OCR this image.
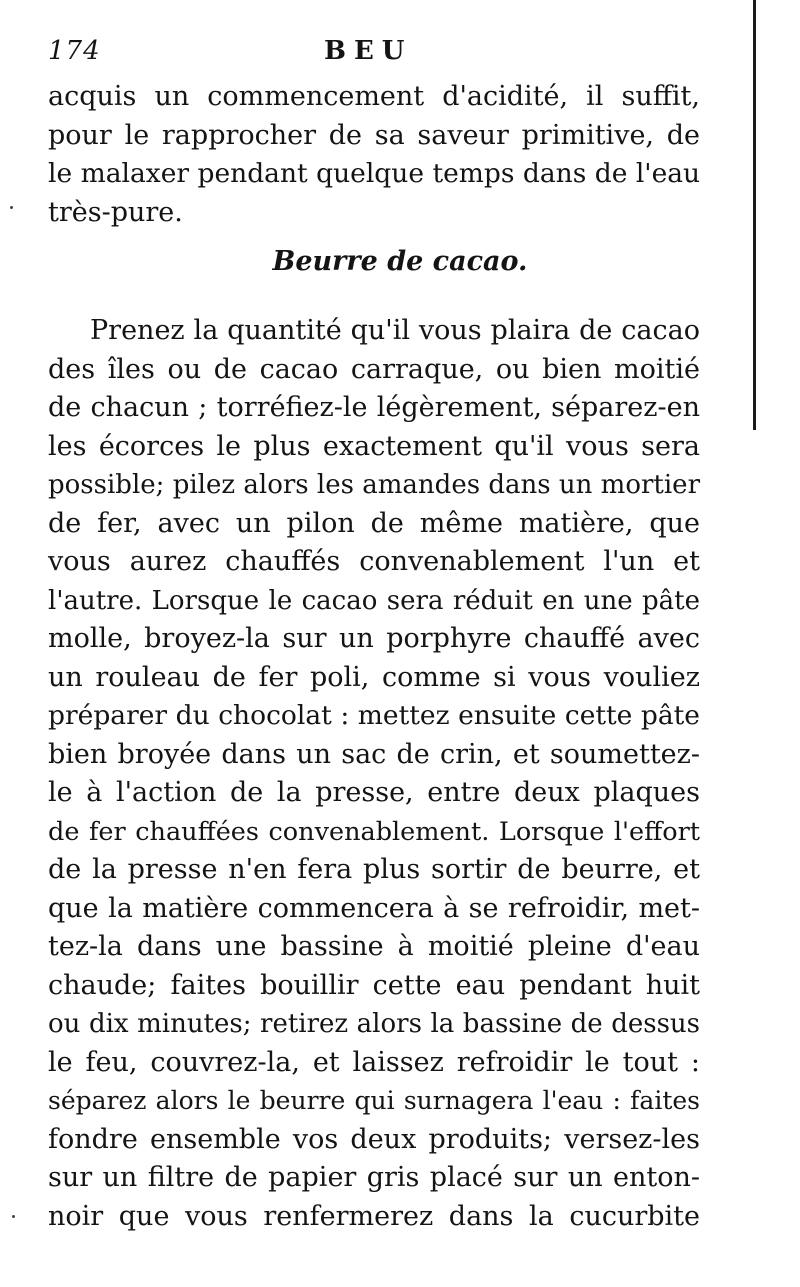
174	BEU
acquis un commencement d'acidité, il suffit,
pour le rapprocher de sa saveur primitive, de
le malaxer pendant quelque temps dans de l'eau
très-pure.
Beurre de cacao.
Prenez la quantité qu'il vous plaira de cacao
des îles ou de cacao carraque, ou bien moitié
de chacun ; torréfiez-le légèrement, séparez-en
les écorces le plus exactement qu'il vous sera
possible; pilez alors les amandes dans un mortier
de fer, avec un pilon de même matière, que
vous aurez chauffés convenablement l'un et
l'autre. Lorsque le cacao sera réduit en une pâte
molle, broyez-la sur un porphyre chauffé avec
un rouleau de fer poli, comme si vous vouliez
préparer du chocolat : mettez ensuite cette pâte
bien broyée dans un sac de crin, et soumettez-
le à l'action de la presse, entre deux plaques
de fer chauffées convenablement. Lorsque l'effort
de la presse n'en fera plus sortir de beurre, et
que la matière commencera à se refroidir, met-
tez-la dans une bassine à moitié pleine d'eau
chaude; faites bouillir cette eau pendant huit
ou dix minutes; retirez alors la bassine de dessus
le feu, couvrez-la, et laissez refroidir le tout :
séparez alors le beurre qui surnagera l'eau : faites
fondre ensemble vos deux produits; versez-les
sur un filtre de papier gris placé sur un enton-
noir que vous renfermerez dans la cucurbite
